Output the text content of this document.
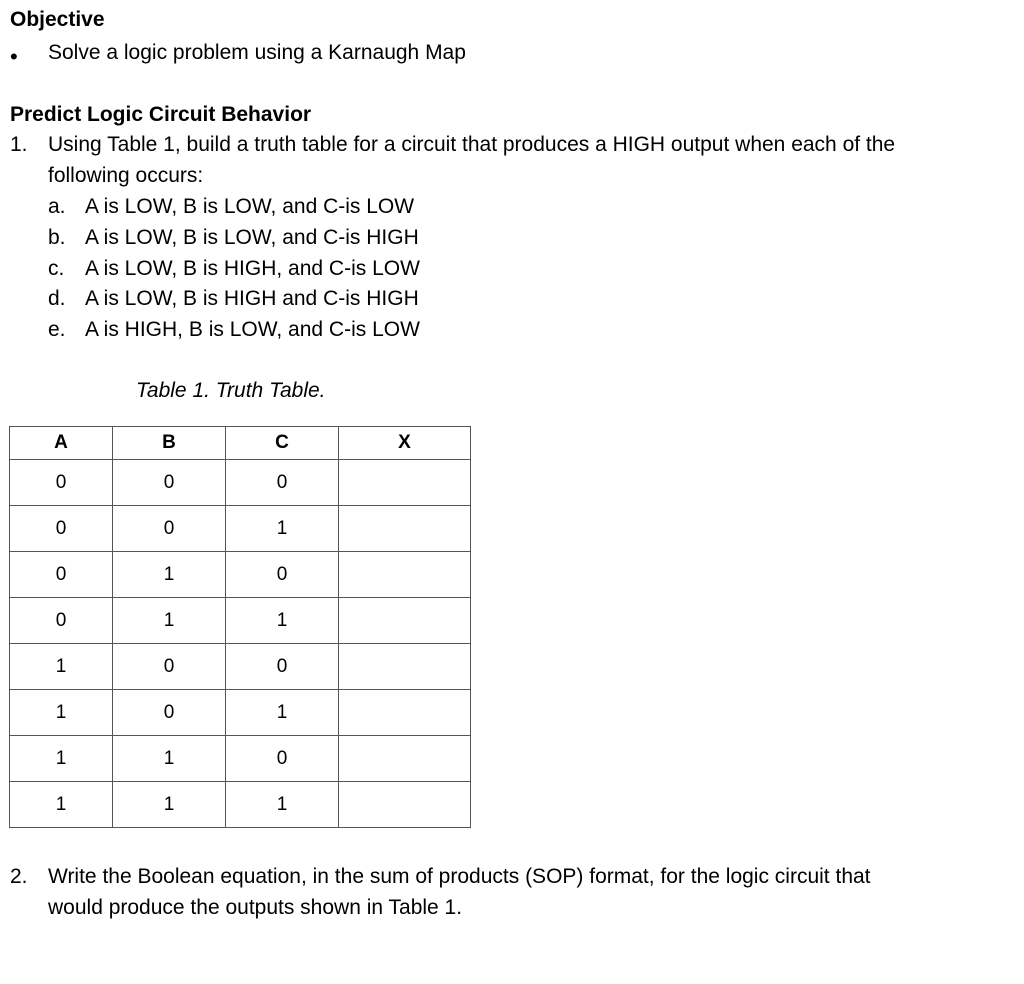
Objective
• Solve a logic problem using a Karnaugh Map
Predict Logic Circuit Behavior
1. Using Table 1, build a truth table for a circuit that produces a HIGH output when each of the
following occurs:
a. A is LOW, B is LOW, and C-is LOW
b. A is LOW, B is LOW, and C-is HIGH
c. A is LOW, B is HIGH, and C-is LOW
d. A is LOW, B is HIGH and C-is HIGH
e. A is HIGH, B is LOW, and C-is LOW
Table 1. Truth Table.
A	B	C	X
0	0	0	
0	0	1	
0	1	0	
0	1	1	
1	0	0	
1	0	1	
1	1	0	
1	1	1	
2. Write the Boolean equation, in the sum of products (SOP) format, for the logic circuit that
would produce the outputs shown in Table 1.
